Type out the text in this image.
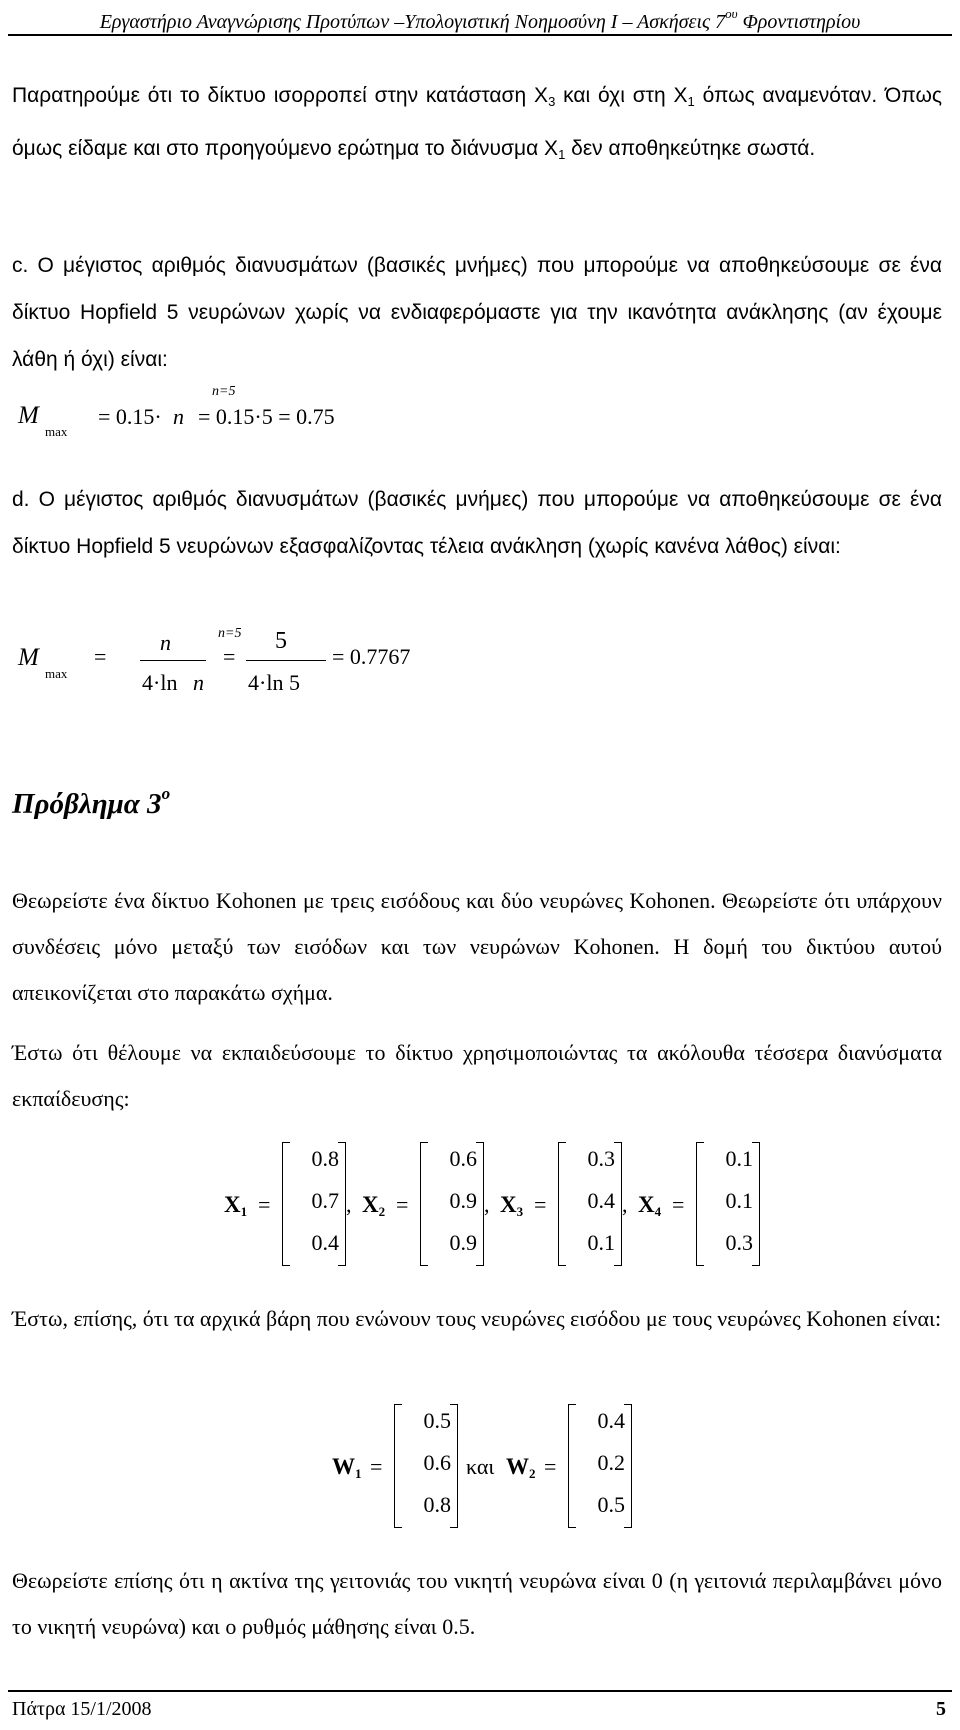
Εργαστήριο Αναγνώρισης Προτύπων –Υπολογιστική Νοημοσύνη Ι – Ασκήσεις $7^{o\upsilon}$ Φροντιστηρίου
Παρατηρούμε ότι το δίκτυο ισορροπεί στην κατάσταση $X_3$ και όχι στη $X_1$ όπως αναμενόταν. Όπως όμως είδαμε και στο προηγούμενο ερώτημα το διάνυσμα $X_1$ δεν αποθηκεύτηκε σωστά.
c. Ο μέγιστος αριθμός διανυσμάτων (βασικές μνήμες) που μπορούμε να αποθηκεύσουμε σε ένα δίκτυο Hopfield 5 νευρώνων χωρίς να ενδιαφερόμαστε για την ικανότητα ανάκλησης (αν έχουμε λάθη ή όχι) είναι:
M
max
= 0.15· n
n=5
= 0.15·5 = 0.75
d. Ο μέγιστος αριθμός διανυσμάτων (βασικές μνήμες) που μπορούμε να αποθηκεύσουμε σε ένα δίκτυο Hopfield 5 νευρώνων εξασφαλίζοντας τέλεια ανάκληση (χωρίς κανένα λάθος) είναι:
M
max
=
n
4·ln n
n=5
=
5
4·ln 5
= 0.7767
Πρόβλημα $3^o$
Θεωρείστε ένα δίκτυο Kohonen με τρεις εισόδους και δύο νευρώνες Kohonen. Θεωρείστε ότι υπάρχουν συνδέσεις μόνο μεταξύ των εισόδων και των νευρώνων Kohonen. Η δομή του δικτύου αυτού απεικονίζεται στο παρακάτω σχήμα.
Έστω ότι θέλουμε να εκπαιδεύσουμε το δίκτυο χρησιμοποιώντας τα ακόλουθα τέσσερα διανύσματα εκπαίδευσης:
$X_1$ =
0.8
0.7
0.4
, $X_2$ =
0.6
0.9
0.9
, $X_3$ =
0.3
0.4
0.1
, $X_4$ =
0.1
0.1
0.3
Έστω, επίσης, ότι τα αρχικά βάρη που ενώνουν τους νευρώνες εισόδου με τους νευρώνες Kohonen είναι:
$W_1$ =
0.5
0.6
0.8
και $W_2$ =
0.4
0.2
0.5
Θεωρείστε επίσης ότι η ακτίνα της γειτονιάς του νικητή νευρώνα είναι 0 (η γειτονιά περιλαμβάνει μόνο το νικητή νευρώνα) και ο ρυθμός μάθησης είναι 0.5.
Πάτρα 15/1/2008	5
